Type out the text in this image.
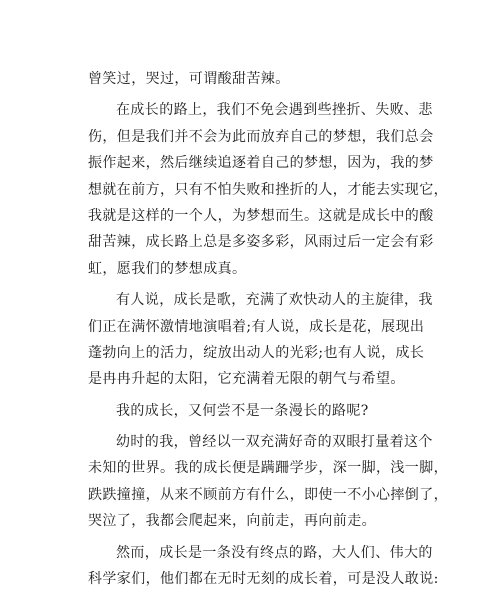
曾笑过，哭过，可谓酸甜苦辣。
在成长的路上，我们不免会遇到些挫折、失败、悲
伤，但是我们并不会为此而放弃自己的梦想，我们总会
振作起来，然后继续追逐着自己的梦想，因为，我的梦
想就在前方，只有不怕失败和挫折的人，才能去实现它，
我就是这样的一个人，为梦想而生。这就是成长中的酸
甜苦辣，成长路上总是多姿多彩，风雨过后一定会有彩
虹，愿我们的梦想成真。
有人说，成长是歌，充满了欢快动人的主旋律，我
们正在满怀激情地演唱着;有人说，成长是花，展现出
蓬勃向上的活力，绽放出动人的光彩;也有人说，成长
是冉冉升起的太阳，它充满着无限的朝气与希望。
我的成长，又何尝不是一条漫长的路呢?
幼时的我，曾经以一双充满好奇的双眼打量着这个
未知的世界。我的成长便是蹒跚学步，深一脚，浅一脚，
跌跌撞撞，从来不顾前方有什么，即使一不小心摔倒了，
哭泣了，我都会爬起来，向前走，再向前走。
然而，成长是一条没有终点的路，大人们、伟大的
科学家们，他们都在无时无刻的成长着，可是没人敢说:
